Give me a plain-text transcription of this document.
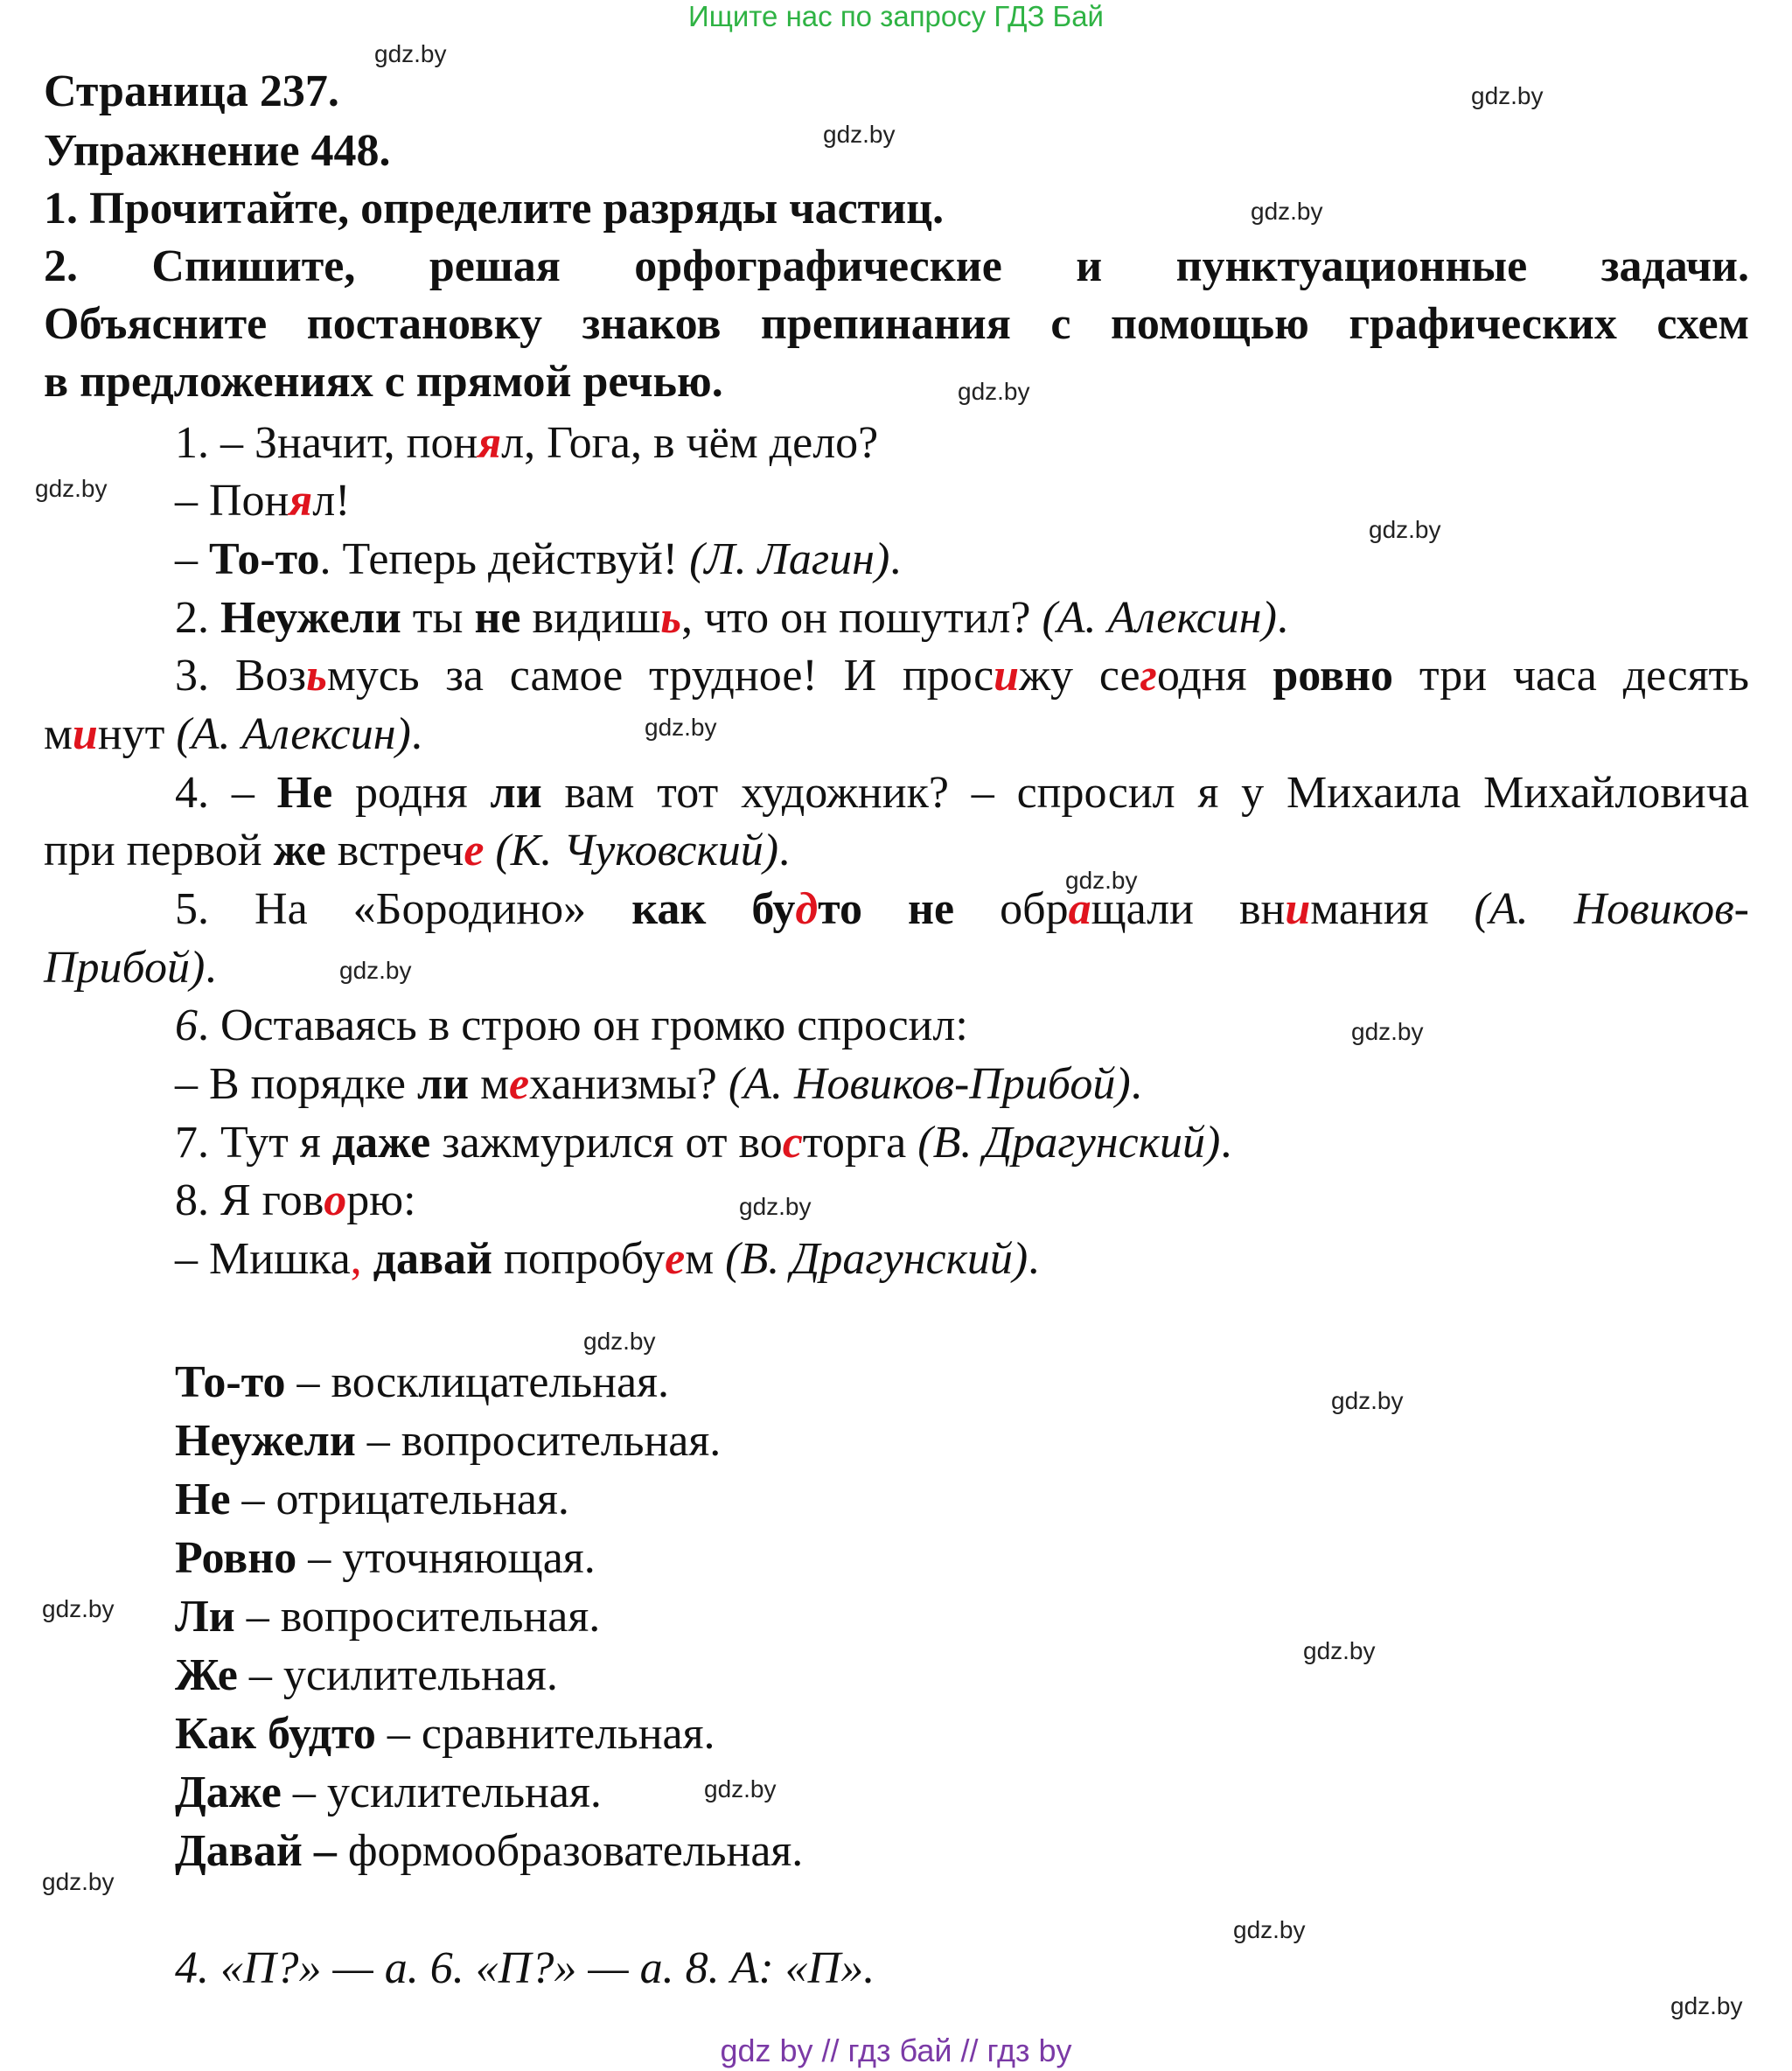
Ищите нас по запросу ГДЗ Бай
gdz.by
gdz.by
gdz.by
gdz.by
gdz.by
gdz.by
gdz.by
gdz.by
gdz.by
gdz.by
gdz.by
gdz.by
gdz.by
gdz.by
gdz.by
gdz.by
gdz.by
gdz.by
gdz.by
gdz.by
Страница 237.
Упражнение 448.
1. Прочитайте, определите разряды частиц.
2. Спишите, решая орфографические и пунктуационные задачи.
Объясните постановку знаков препинания с помощью графических схем
в предложениях с прямой речью.
1. – Значит, понял, Гога, в чём дело?
– Понял!
– То-то. Теперь действуй! (Л. Лагин).
2. Неужели ты не видишь, что он пошутил? (А. Алексин).
3. Возьмусь за самое трудное! И просижу сегодня ровно три часа десять
минут (А. Алексин).
4. – Не родня ли вам тот художник? – спросил я у Михаила Михайловича
при первой же встрече (К. Чуковский).
5. На «Бородино» как будто не обращали внимания (А. Новиков-
Прибой).
6. Оставаясь в строю он громко спросил:
– В порядке ли механизмы? (А. Новиков-Прибой).
7. Тут я даже зажмурился от восторга (В. Драгунский).
8. Я говорю:
– Мишка, давай попробуем (В. Драгунский).
То-то – восклицательная.
Неужели – вопросительная.
Не – отрицательная.
Ровно – уточняющая.
Ли – вопросительная.
Же – усилительная.
Как будто – сравнительная.
Даже – усилительная.
Давай – формообразовательная.
4. «П?» — а. 6. «П?» — а. 8. А: «П».
gdz by // гдз бай // гдз by
